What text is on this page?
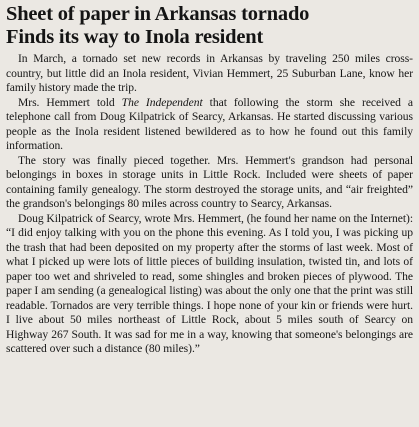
Sheet of paper in Arkansas tornado
Finds its way to Inola resident

In March, a tornado set new records in Arkansas by traveling 250 miles cross-country, but little did an Inola resident, Vivian Hemmert, 25 Suburban Lane, know her family history made the trip.

Mrs. Hemmert told The Independent that following the storm she received a telephone call from Doug Kilpatrick of Searcy, Arkansas. He started discussing various people as the Inola resident listened bewildered as to how he found out this family information.

The story was finally pieced together. Mrs. Hemmert's grandson had personal belongings in boxes in storage units in Little Rock. Included were sheets of paper containing family genealogy. The storm destroyed the storage units, and “air freighted” the grandson's belongings 80 miles across country to Searcy, Arkansas.

Doug Kilpatrick of Searcy, wrote Mrs. Hemmert, (he found her name on the Internet): “I did enjoy talking with you on the phone this evening. As I told you, I was picking up the trash that had been deposited on my property after the storms of last week. Most of what I picked up were lots of little pieces of building insulation, twisted tin, and lots of paper too wet and shriveled to read, some shingles and broken pieces of plywood. The paper I am sending (a genealogical listing) was about the only one that the print was still readable. Tornados are very terrible things. I hope none of your kin or friends were hurt. I live about 50 miles northeast of Little Rock, about 5 miles south of Searcy on Highway 267 South. It was sad for me in a way, knowing that someone's belongings are scattered over such a distance (80 miles).”
